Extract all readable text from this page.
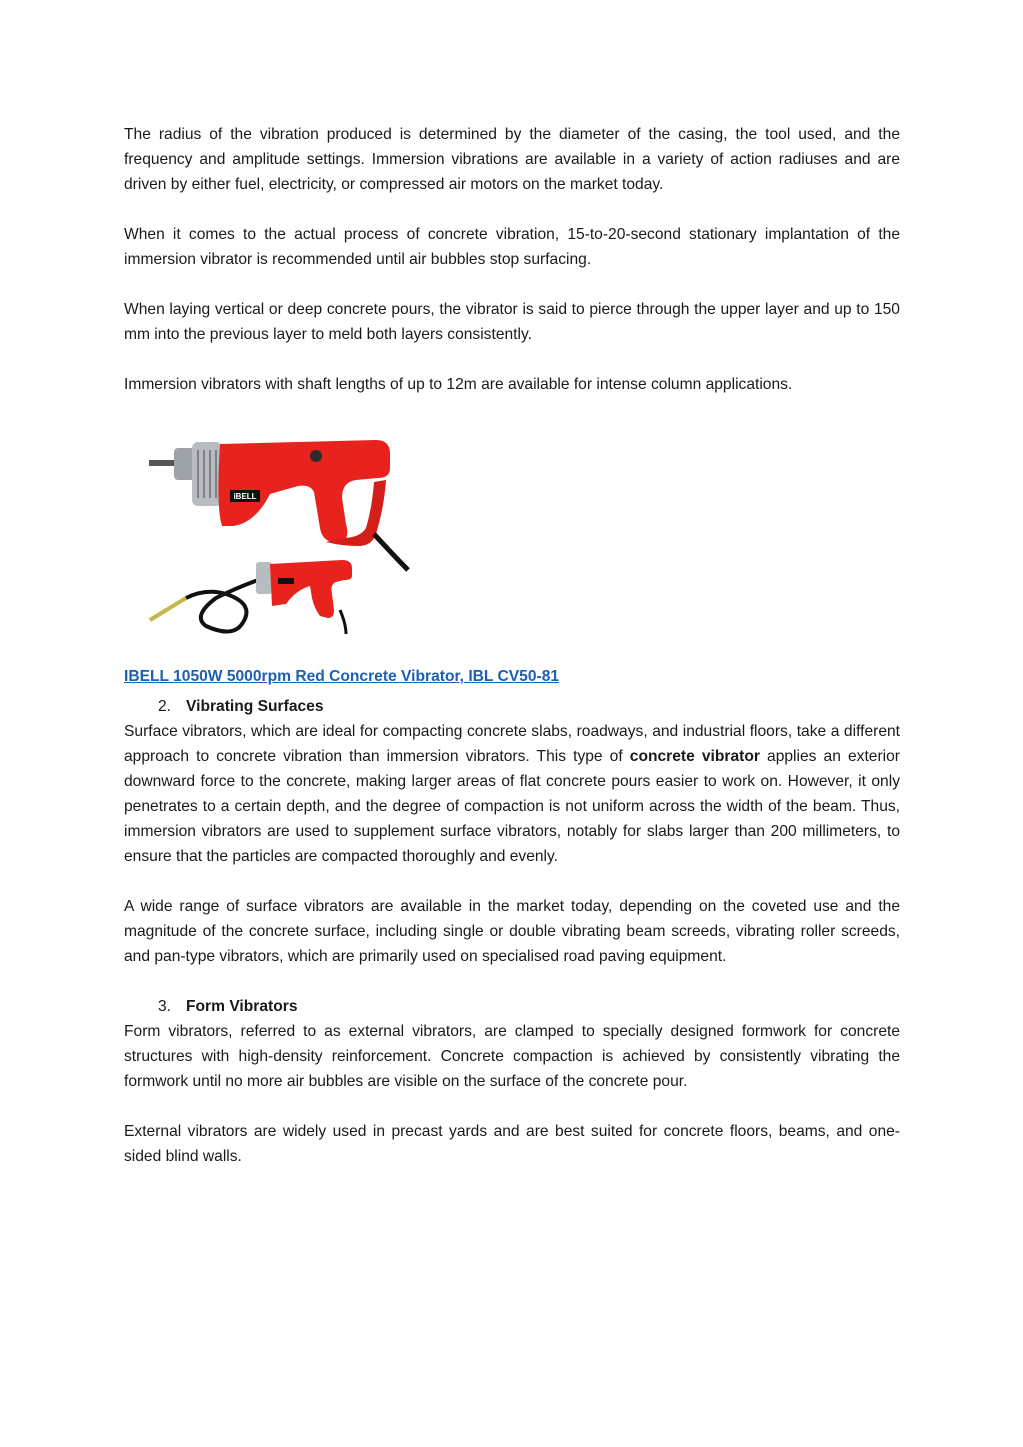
The radius of the vibration produced is determined by the diameter of the casing, the tool used, and the frequency and amplitude settings. Immersion vibrations are available in a variety of action radiuses and are driven by either fuel, electricity, or compressed air motors on the market today.

When it comes to the actual process of concrete vibration, 15-to-20-second stationary implantation of the immersion vibrator is recommended until air bubbles stop surfacing.

When laying vertical or deep concrete pours, the vibrator is said to pierce through the upper layer and up to 150 mm into the previous layer to meld both layers consistently.

Immersion vibrators with shaft lengths of up to 12m are available for intense column applications.

iBELL
IBELL 1050W 5000rpm Red Concrete Vibrator, IBL CV50-81
2. Vibrating Surfaces

Surface vibrators, which are ideal for compacting concrete slabs, roadways, and industrial floors, take a different approach to concrete vibration than immersion vibrators. This type of concrete vibrator applies an exterior downward force to the concrete, making larger areas of flat concrete pours easier to work on. However, it only penetrates to a certain depth, and the degree of compaction is not uniform across the width of the beam. Thus, immersion vibrators are used to supplement surface vibrators, notably for slabs larger than 200 millimeters, to ensure that the particles are compacted thoroughly and evenly.

A wide range of surface vibrators are available in the market today, depending on the coveted use and the magnitude of the concrete surface, including single or double vibrating beam screeds, vibrating roller screeds, and pan-type vibrators, which are primarily used on specialised road paving equipment.

3. Form Vibrators

Form vibrators, referred to as external vibrators, are clamped to specially designed formwork for concrete structures with high-density reinforcement. Concrete compaction is achieved by consistently vibrating the formwork until no more air bubbles are visible on the surface of the concrete pour.

External vibrators are widely used in precast yards and are best suited for concrete floors, beams, and one-sided blind walls.
